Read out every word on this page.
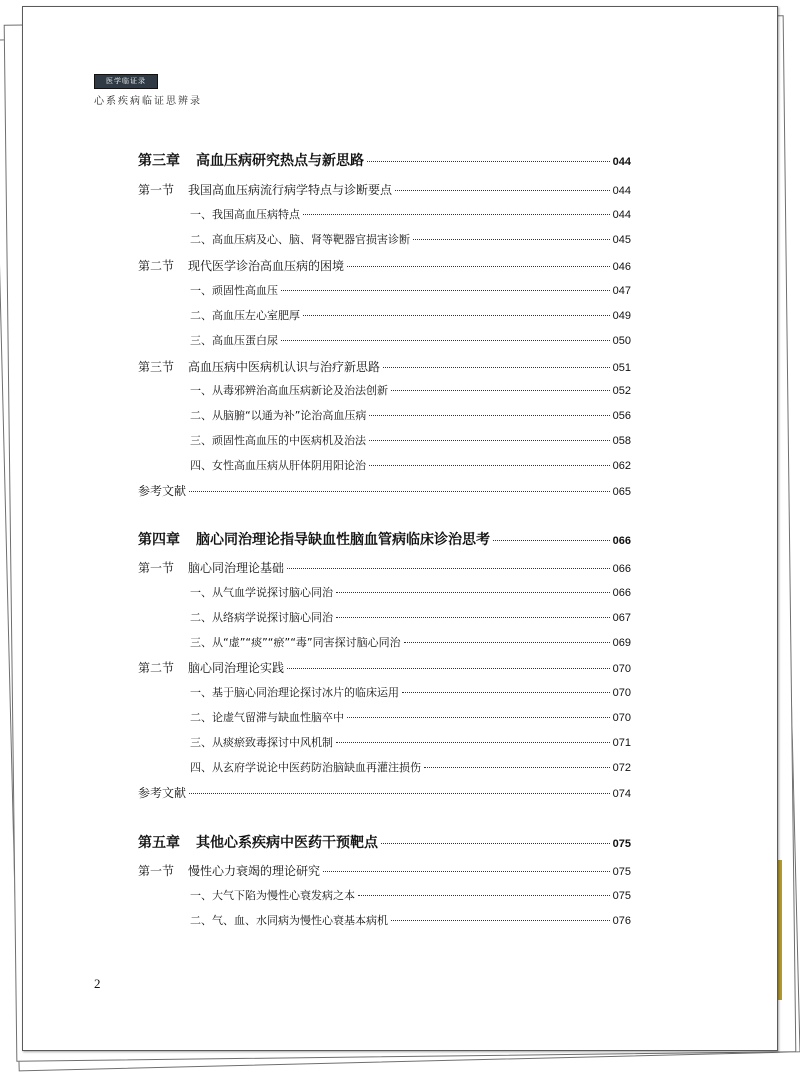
医学临证录
心系疾病临证思辨录
第三章 高血压病研究热点与新思路	044
第一节 我国高血压病流行病学特点与诊断要点	044
一、我国高血压病特点	044
二、高血压病及心、脑、肾等靶器官损害诊断	045
第二节 现代医学诊治高血压病的困境	046
一、顽固性高血压	047
二、高血压左心室肥厚	049
三、高血压蛋白尿	050
第三节 高血压病中医病机认识与治疗新思路	051
一、从毒邪辨治高血压病新论及治法创新	052
二、从脑腑“以通为补”论治高血压病	056
三、顽固性高血压的中医病机及治法	058
四、女性高血压病从肝体阴用阳论治	062
参考文献	065
第四章 脑心同治理论指导缺血性脑血管病临床诊治思考	066
第一节 脑心同治理论基础	066
一、从气血学说探讨脑心同治	066
二、从络病学说探讨脑心同治	067
三、从“虚”“痰”“瘀”“毒”同害探讨脑心同治	069
第二节 脑心同治理论实践	070
一、基于脑心同治理论探讨冰片的临床运用	070
二、论虚气留滞与缺血性脑卒中	070
三、从痰瘀致毒探讨中风机制	071
四、从玄府学说论中医药防治脑缺血再灌注损伤	072
参考文献	074
第五章 其他心系疾病中医药干预靶点	075
第一节 慢性心力衰竭的理论研究	075
一、大气下陷为慢性心衰发病之本	075
二、气、血、水同病为慢性心衰基本病机	076
2
